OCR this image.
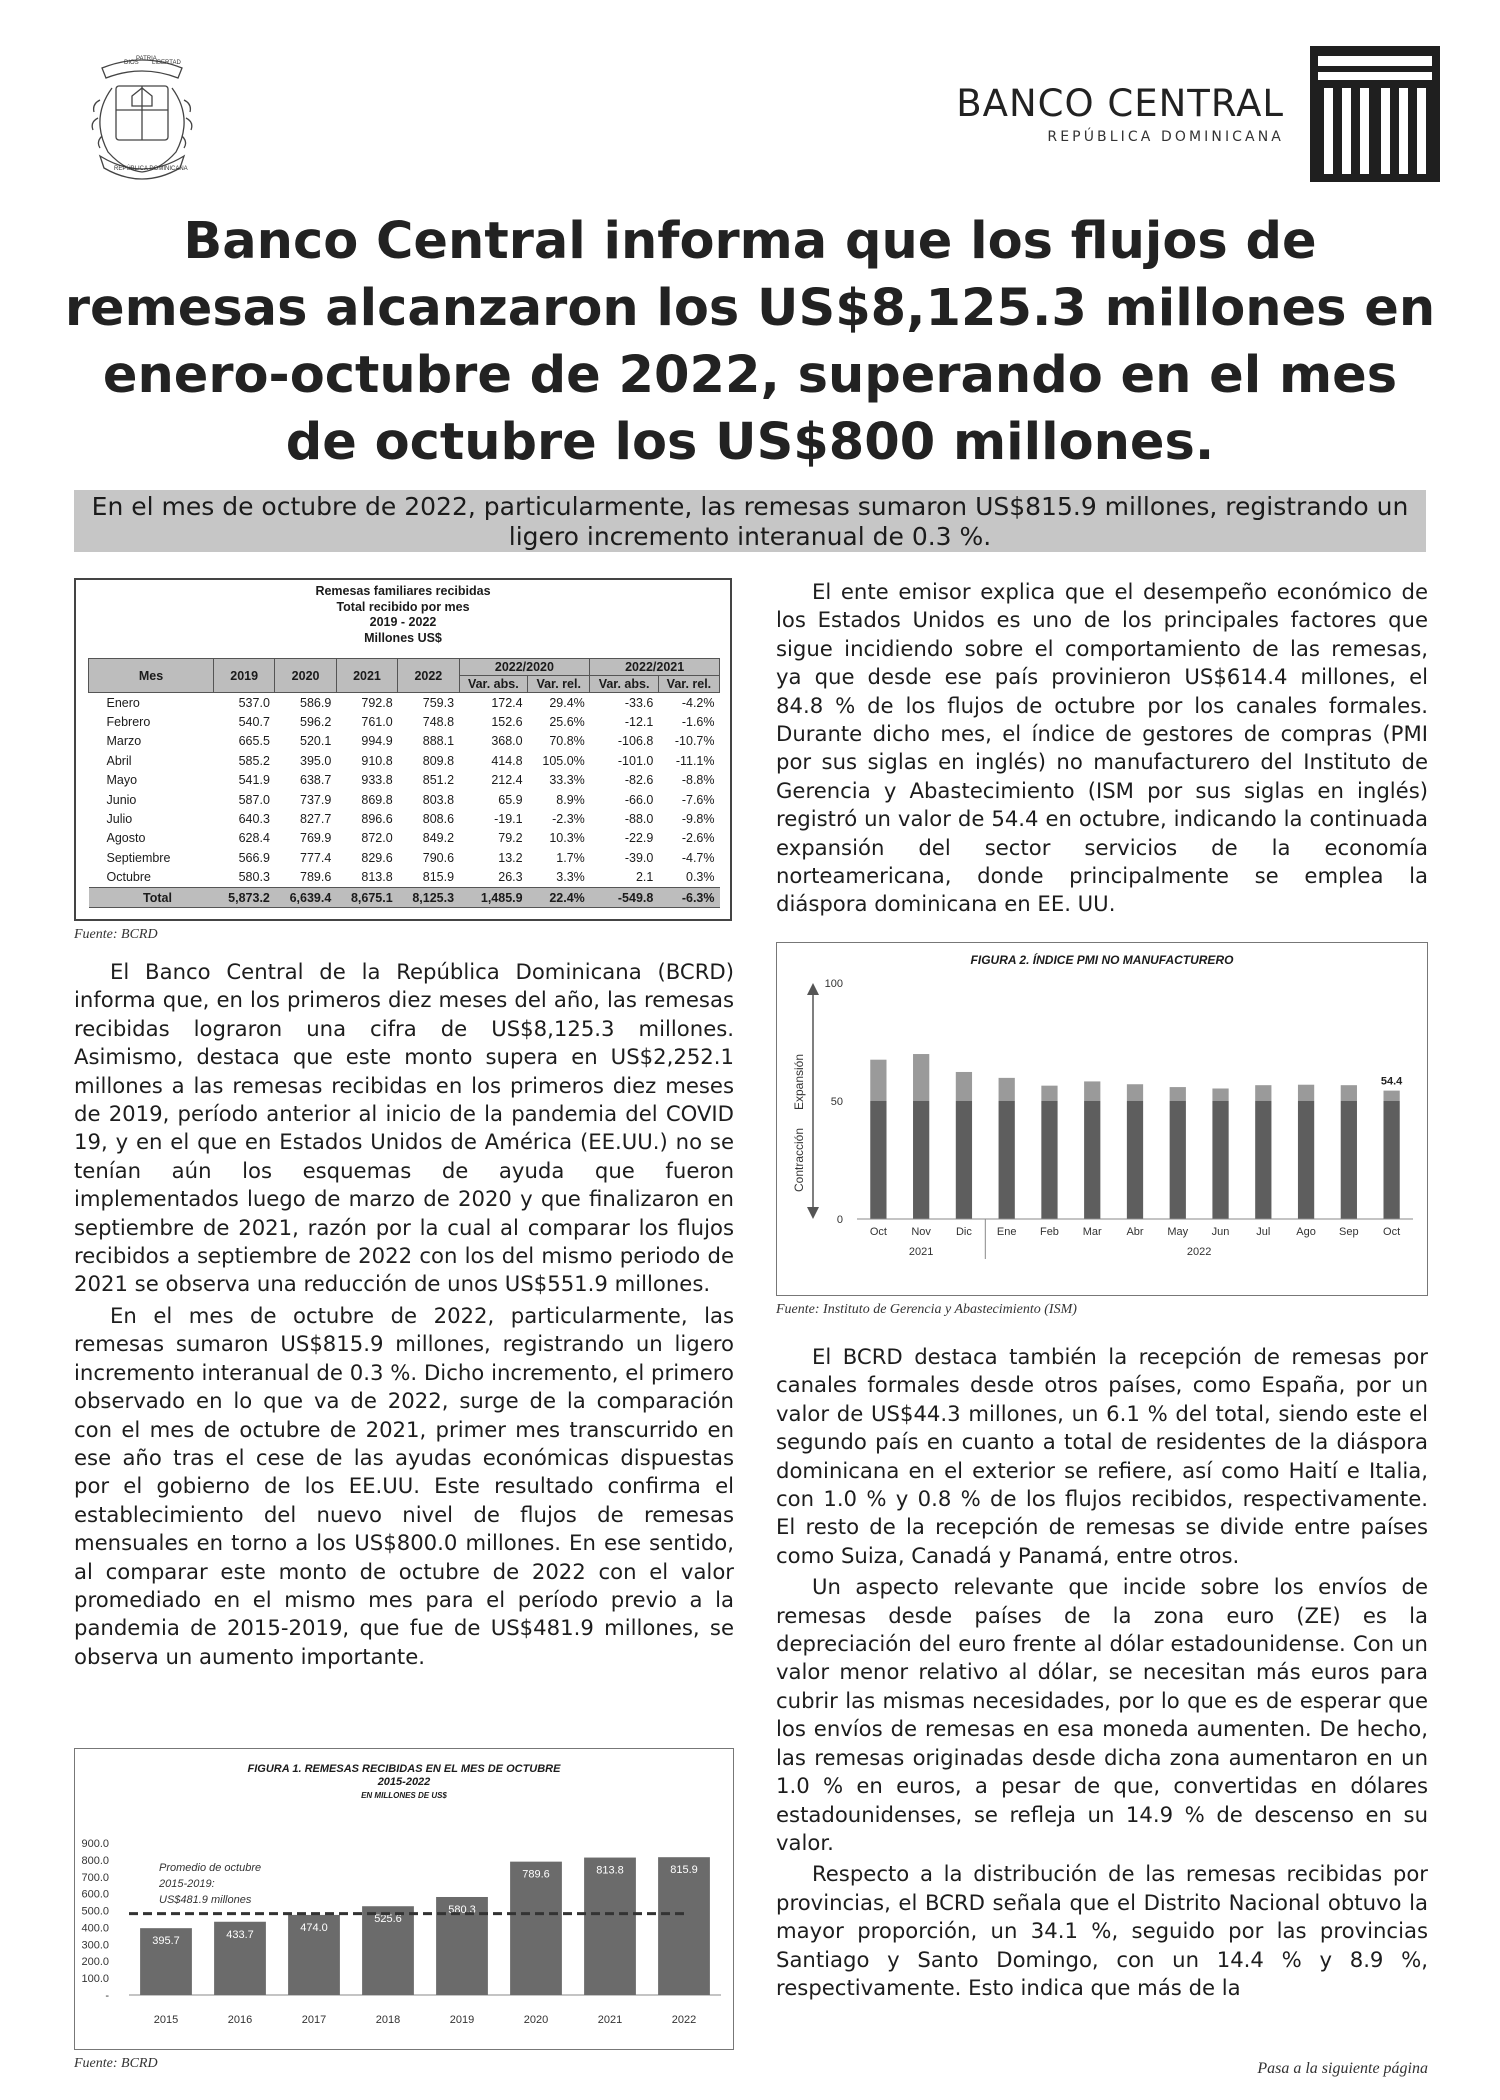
DIOS
PATRIA
LIBERTAD
REPÚBLICA DOMINICANA
BANCO CENTRAL
REPÚBLICA DOMINICANA
Banco Central informa que los flujos de remesas alcanzaron los US$8,125.3 millones en enero-octubre de 2022, superando en el mes de octubre los US$800 millones.
En el mes de octubre de 2022, particularmente, las remesas sumaron US$815.9 millones, registrando un ligero incremento interanual de 0.3 %.
Remesas familiares recibidas
Total recibido por mes
2019 - 2022
Millones US$
Mes	2019	2020	2021	2022	2022/2020		2022/2021	
					Var. abs.	Var. rel.	Var. abs.	Var. rel.
Enero	537.0	586.9	792.8	759.3	172.4	29.4%	-33.6	-4.2%
Febrero	540.7	596.2	761.0	748.8	152.6	25.6%	-12.1	-1.6%
Marzo	665.5	520.1	994.9	888.1	368.0	70.8%	-106.8	-10.7%
Abril	585.2	395.0	910.8	809.8	414.8	105.0%	-101.0	-11.1%
Mayo	541.9	638.7	933.8	851.2	212.4	33.3%	-82.6	-8.8%
Junio	587.0	737.9	869.8	803.8	65.9	8.9%	-66.0	-7.6%
Julio	640.3	827.7	896.6	808.6	-19.1	-2.3%	-88.0	-9.8%
Agosto	628.4	769.9	872.0	849.2	79.2	10.3%	-22.9	-2.6%
Septiembre	566.9	777.4	829.6	790.6	13.2	1.7%	-39.0	-4.7%
Octubre	580.3	789.6	813.8	815.9	26.3	3.3%	2.1	0.3%
Total	5,873.2	6,639.4	8,675.1	8,125.3	1,485.9	22.4%	-549.8	-6.3%
Fuente: BCRD

El Banco Central de la República Dominicana (BCRD) informa que, en los primeros diez meses del año, las remesas recibidas lograron una cifra de US$8,125.3 millones. Asimismo, destaca que este monto supera en US$2,252.1 millones a las remesas recibidas en los primeros diez meses de 2019, período anterior al inicio de la pandemia del COVID 19, y en el que en Estados Unidos de América (EE.UU.) no se tenían aún los esquemas de ayuda que fueron implementados luego de marzo de 2020 y que finalizaron en septiembre de 2021, razón por la cual al comparar los flujos recibidos a septiembre de 2022 con los del mismo periodo de 2021 se observa una reducción de unos US$551.9 millones.

En el mes de octubre de 2022, particularmente, las remesas sumaron US$815.9 millones, registrando un ligero incremento interanual de 0.3 %. Dicho incremento, el primero observado en lo que va de 2022, surge de la comparación con el mes de octubre de 2021, primer mes transcurrido en ese año tras el cese de las ayudas económicas dispuestas por el gobierno de los EE.UU. Este resultado confirma el establecimiento del nuevo nivel de flujos de remesas mensuales en torno a los US$800.0 millones. En ese sentido, al comparar este monto de octubre de 2022 con el valor promediado en el mismo mes para el período previo a la pandemia de 2015-2019, que fue de US$481.9 millones, se observa un aumento importante.

FIGURA 1. REMESAS RECIBIDAS EN EL MES DE OCTUBRE
2015-2022
EN MILLONES DE US$
-
100.0
200.0
300.0
400.0
500.0
600.0
700.0
800.0
900.0
395.7
2015
433.7
2016
474.0
2017
525.6
2018
580.3
2019
789.6
2020
813.8
2021
815.9
2022
Promedio de octubre
2015-2019:
US$481.9 millones
Fuente: BCRD

El ente emisor explica que el desempeño económico de los Estados Unidos es uno de los principales factores que sigue incidiendo sobre el comportamiento de las remesas, ya que desde ese país provinieron US$614.4 millones, el 84.8 % de los flujos de octubre por los canales formales. Durante dicho mes, el índice de gestores de compras (PMI por sus siglas en inglés) no manufacturero del Instituto de Gerencia y Abastecimiento (ISM por sus siglas en inglés) registró un valor de 54.4 en octubre, indicando la continuada expansión del sector servicios de la economía norteamericana, donde principalmente se emplea la diáspora dominicana en EE. UU.

FIGURA 2. ÍNDICE PMI NO MANUFACTURERO
0
50
100
Expansión
Contracción
Oct Nov Dic Ene Feb Mar Abr May Jun Jul Ago Sep Oct
54.4
2021	2022
Fuente: Instituto de Gerencia y Abastecimiento (ISM)

El BCRD destaca también la recepción de remesas por canales formales desde otros países, como España, por un valor de US$44.3 millones, un 6.1 % del total, siendo este el segundo país en cuanto a total de residentes de la diáspora dominicana en el exterior se refiere, así como Haití e Italia, con 1.0 % y 0.8 % de los flujos recibidos, respectivamente. El resto de la recepción de remesas se divide entre países como Suiza, Canadá y Panamá, entre otros.

Un aspecto relevante que incide sobre los envíos de remesas desde países de la zona euro (ZE) es la depreciación del euro frente al dólar estadounidense. Con un valor menor relativo al dólar, se necesitan más euros para cubrir las mismas necesidades, por lo que es de esperar que los envíos de remesas en esa moneda aumenten. De hecho, las remesas originadas desde dicha zona aumentaron en un 1.0 % en euros, a pesar de que, convertidas en dólares estadounidenses, se refleja un 14.9 % de descenso en su valor.

Respecto a la distribución de las remesas recibidas por provincias, el BCRD señala que el Distrito Nacional obtuvo la mayor proporción, un 34.1 %, seguido por las provincias Santiago y Santo Domingo, con un 14.4 % y 8.9 %, respectivamente. Esto indica que más de la

Pasa a la siguiente página
